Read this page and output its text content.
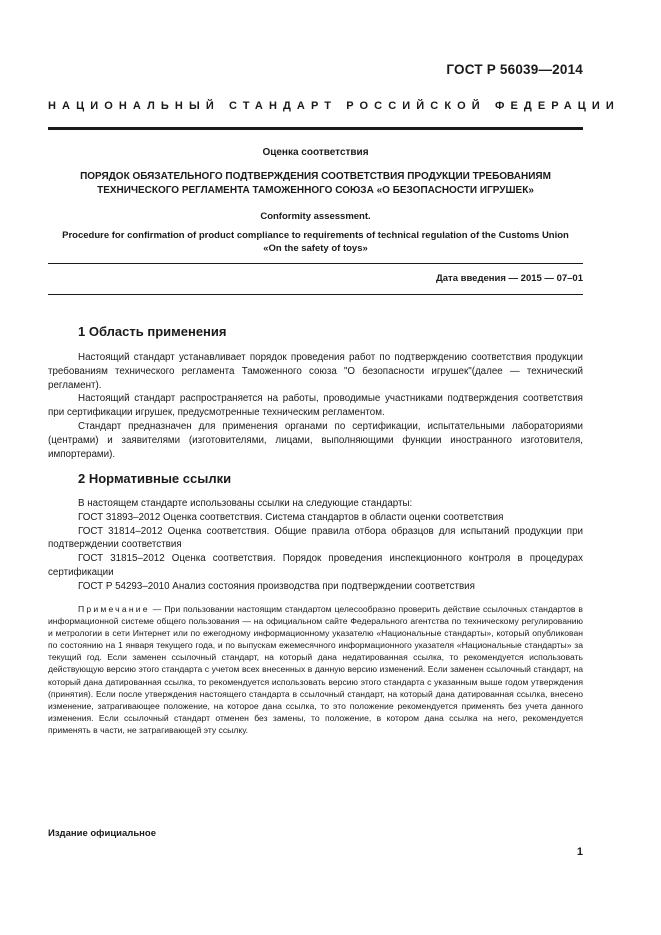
ГОСТ Р 56039—2014
НАЦИОНАЛЬНЫЙ СТАНДАРТ РОССИЙСКОЙ ФЕДЕРАЦИИ
Оценка соответствия
ПОРЯДОК ОБЯЗАТЕЛЬНОГО ПОДТВЕРЖДЕНИЯ СООТВЕТСТВИЯ ПРОДУКЦИИ ТРЕБОВАНИЯМ
ТЕХНИЧЕСКОГО РЕГЛАМЕНТА ТАМОЖЕННОГО СОЮЗА «О БЕЗОПАСНОСТИ ИГРУШЕК»
Conformity assessment.
Procedure for confirmation of product compliance to requirements of technical regulation of the Customs Union
«On the safety of toys»
Дата введения — 2015 — 07–01
1 Область применения

Настоящий стандарт устанавливает порядок проведения работ по подтверждению соответствия продукции требованиям технического регламента Таможенного союза "О безопасности игрушек"(далее — технический регламент).

Настоящий стандарт распространяется на работы, проводимые участниками подтверждения соответствия при сертификации игрушек, предусмотренные техническим регламентом.

Стандарт предназначен для применения органами по сертификации, испытательными лабораториями (центрами) и заявителями (изготовителями, лицами, выполняющими функции иностранного изготовителя, импортерами).

2 Нормативные ссылки

В настоящем стандарте использованы ссылки на следующие стандарты:

ГОСТ 31893–2012 Оценка соответствия. Система стандартов в области оценки соответствия

ГОСТ 31814–2012 Оценка соответствия. Общие правила отбора образцов для испытаний продукции при подтверждении соответствия

ГОСТ 31815–2012 Оценка соответствия. Порядок проведения инспекционного контроля в процедурах сертификации

ГОСТ Р 54293–2010 Анализ состояния производства при подтверждении соответствия

Примечание — При пользовании настоящим стандартом целесообразно проверить действие ссылочных стандартов в информационной системе общего пользования — на официальном сайте Федерального агентства по техническому регулированию и метрологии в сети Интернет или по ежегодному информационному указателю «Национальные стандарты», который опубликован по состоянию на 1 января текущего года, и по выпускам ежемесячного информационного указателя «Национальные стандарты» за текущий год. Если заменен ссылочный стандарт, на который дана недатированная ссылка, то рекомендуется использовать действующую версию этого стандарта с учетом всех внесенных в данную версию изменений. Если заменен ссылочный стандарт, на который дана датированная ссылка, то рекомендуется использовать версию этого стандарта с указанным выше годом утверждения (принятия). Если после утверждения настоящего стандарта в ссылочный стандарт, на который дана датированная ссылка, внесено изменение, затрагивающее положение, на которое дана ссылка, то это положение рекомендуется применять без учета данного изменения. Если ссылочный стандарт отменен без замены, то положение, в котором дана ссылка на него, рекомендуется применять в части, не затрагивающей эту ссылку.
Издание официальное
1
